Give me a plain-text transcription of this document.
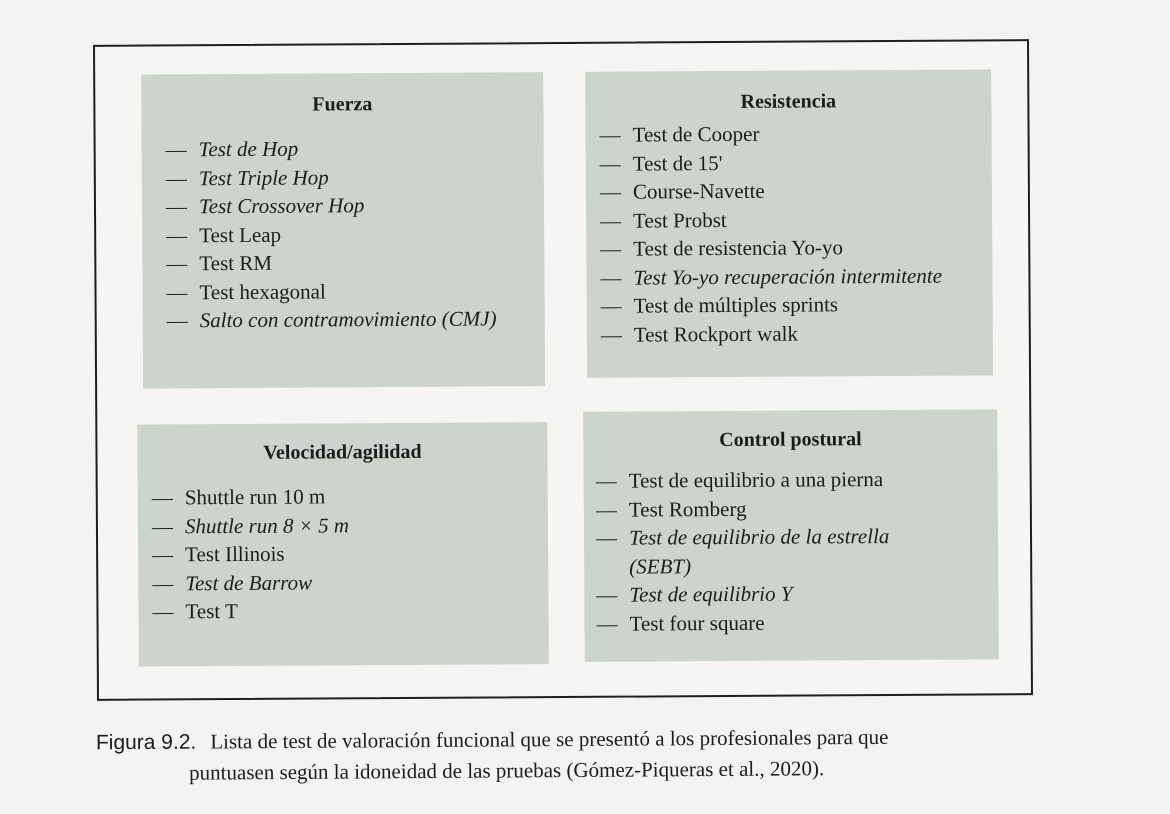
Fuerza
— Test de Hop
— Test Triple Hop
— Test Crossover Hop
— Test Leap
— Test RM
— Test hexagonal
— Salto con contramovimiento (CMJ)
Resistencia
— Test de Cooper
— Test de 15'
— Course-Navette
— Test Probst
— Test de resistencia Yo-yo
— Test Yo-yo recuperación intermitente
— Test de múltiples sprints
— Test Rockport walk
Velocidad/agilidad
— Shuttle run 10 m
— Shuttle run 8 × 5 m
— Test Illinois
— Test de Barrow
— Test T
Control postural
— Test de equilibrio a una pierna
— Test Romberg
— Test de equilibrio de la estrella
(SEBT)
— Test de equilibrio Y
— Test four square
Figura 9.2. Lista de test de valoración funcional que se presentó a los profesionales para que
puntuasen según la idoneidad de las pruebas (Gómez-Piqueras et al., 2020).
